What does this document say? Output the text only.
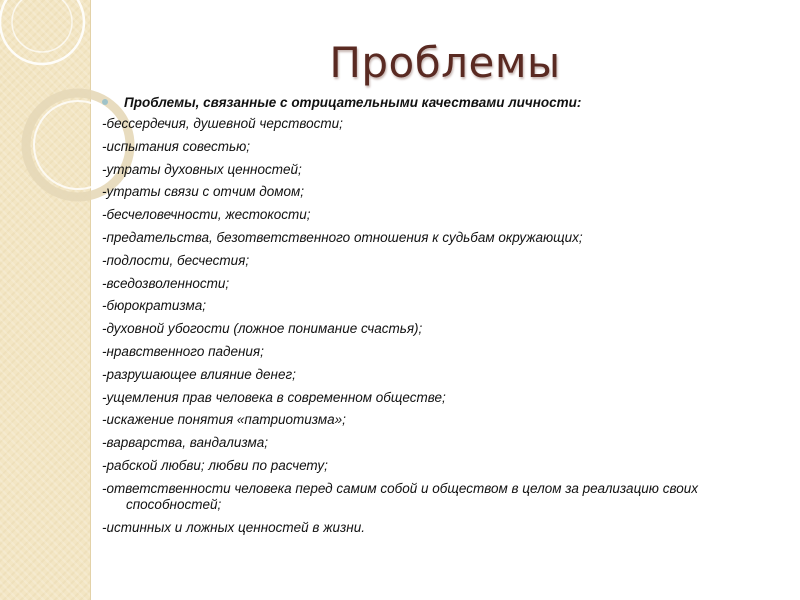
Проблемы
Проблемы, связанные с отрицательными качествами личности:
-бессердечия, душевной черствости;
-испытания совестью;
-утраты духовных ценностей;
-утраты связи с отчим домом;
-бесчеловечности, жестокости;
-предательства, безответственного отношения к судьбам окружающих;
-подлости, бесчестия;
-вседозволенности;
-бюрократизма;
-духовной убогости (ложное понимание счастья);
-нравственного падения;
-разрушающее влияние денег;
-ущемления прав человека в современном обществе;
-искажение понятия «патриотизма»;
-варварства, вандализма;
-рабской любви; любви по расчету;
-ответственности человека перед самим собой и обществом в целом за реализацию своих способностей;
-истинных и ложных ценностей в жизни.
